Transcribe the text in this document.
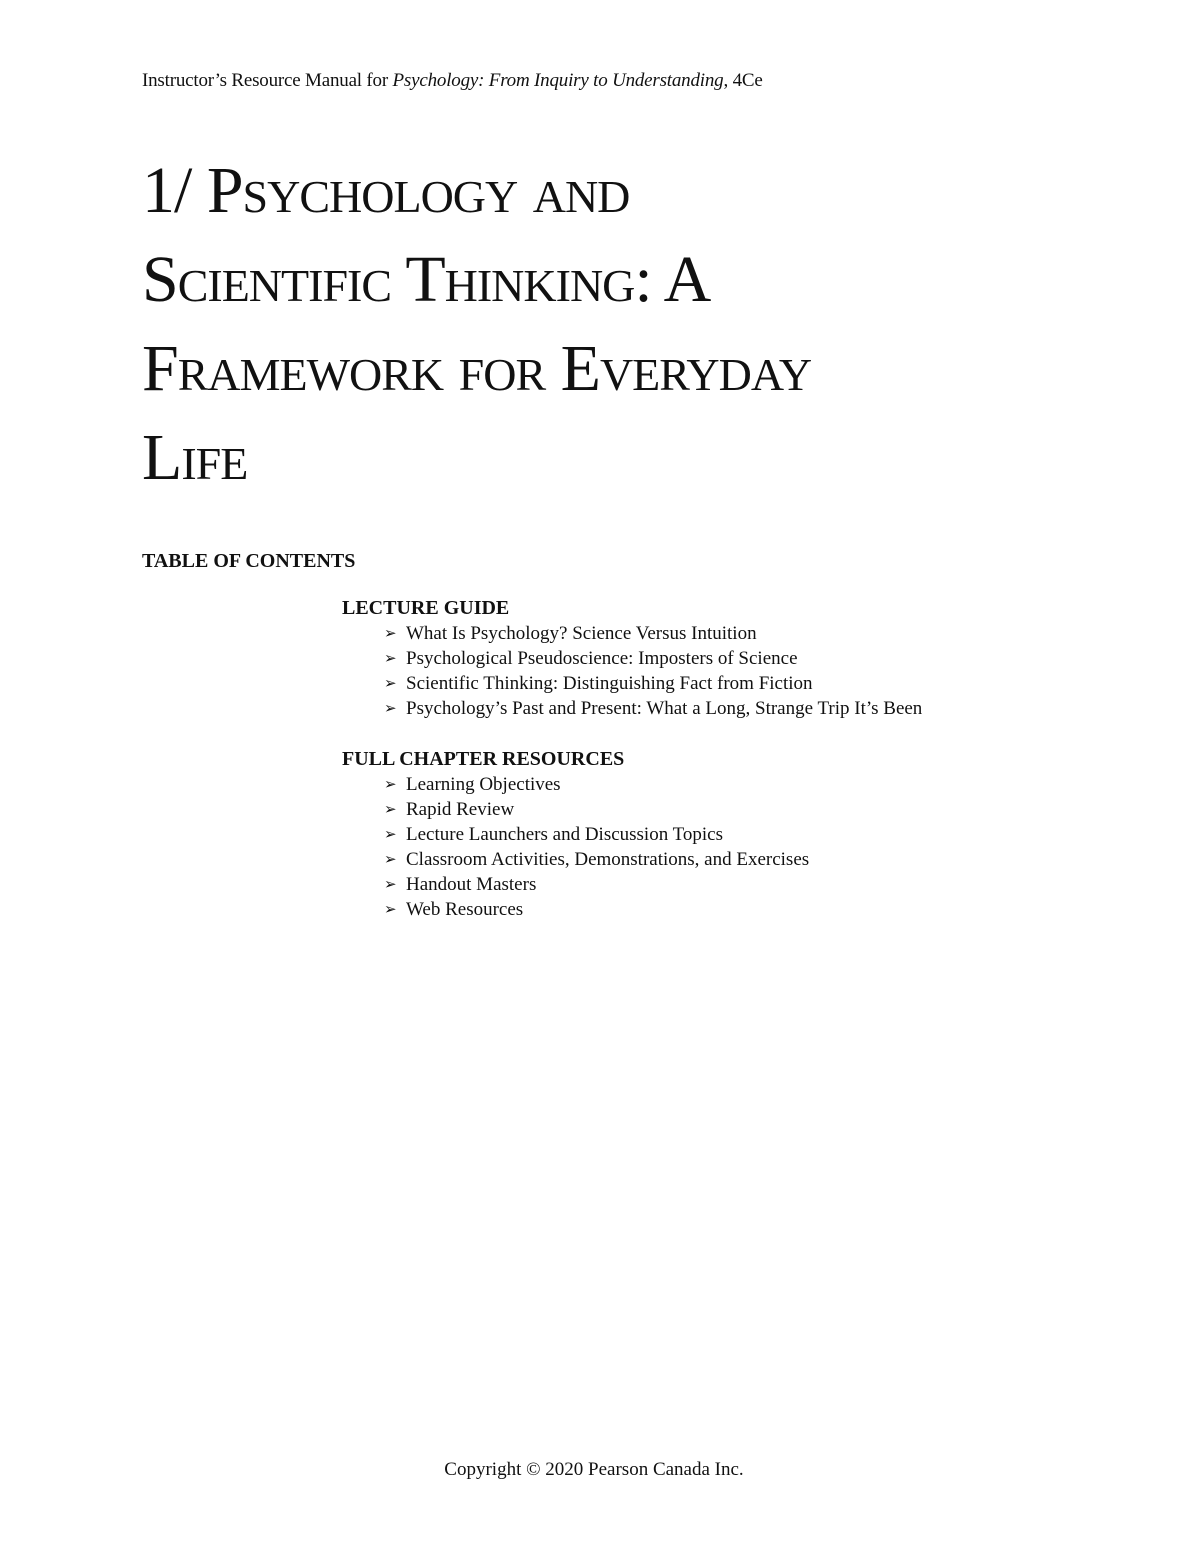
Instructor’s Resource Manual for Psychology: From Inquiry to Understanding, 4Ce
1/ Psychology and
Scientific Thinking: A
Framework for Everyday
Life
TABLE OF CONTENTS
LECTURE GUIDE
➢ What Is Psychology? Science Versus Intuition
➢ Psychological Pseudoscience: Imposters of Science
➢ Scientific Thinking: Distinguishing Fact from Fiction
➢ Psychology’s Past and Present: What a Long, Strange Trip It’s Been
FULL CHAPTER RESOURCES
➢ Learning Objectives
➢ Rapid Review
➢ Lecture Launchers and Discussion Topics
➢ Classroom Activities, Demonstrations, and Exercises
➢ Handout Masters
➢ Web Resources
Copyright © 2020 Pearson Canada Inc.
